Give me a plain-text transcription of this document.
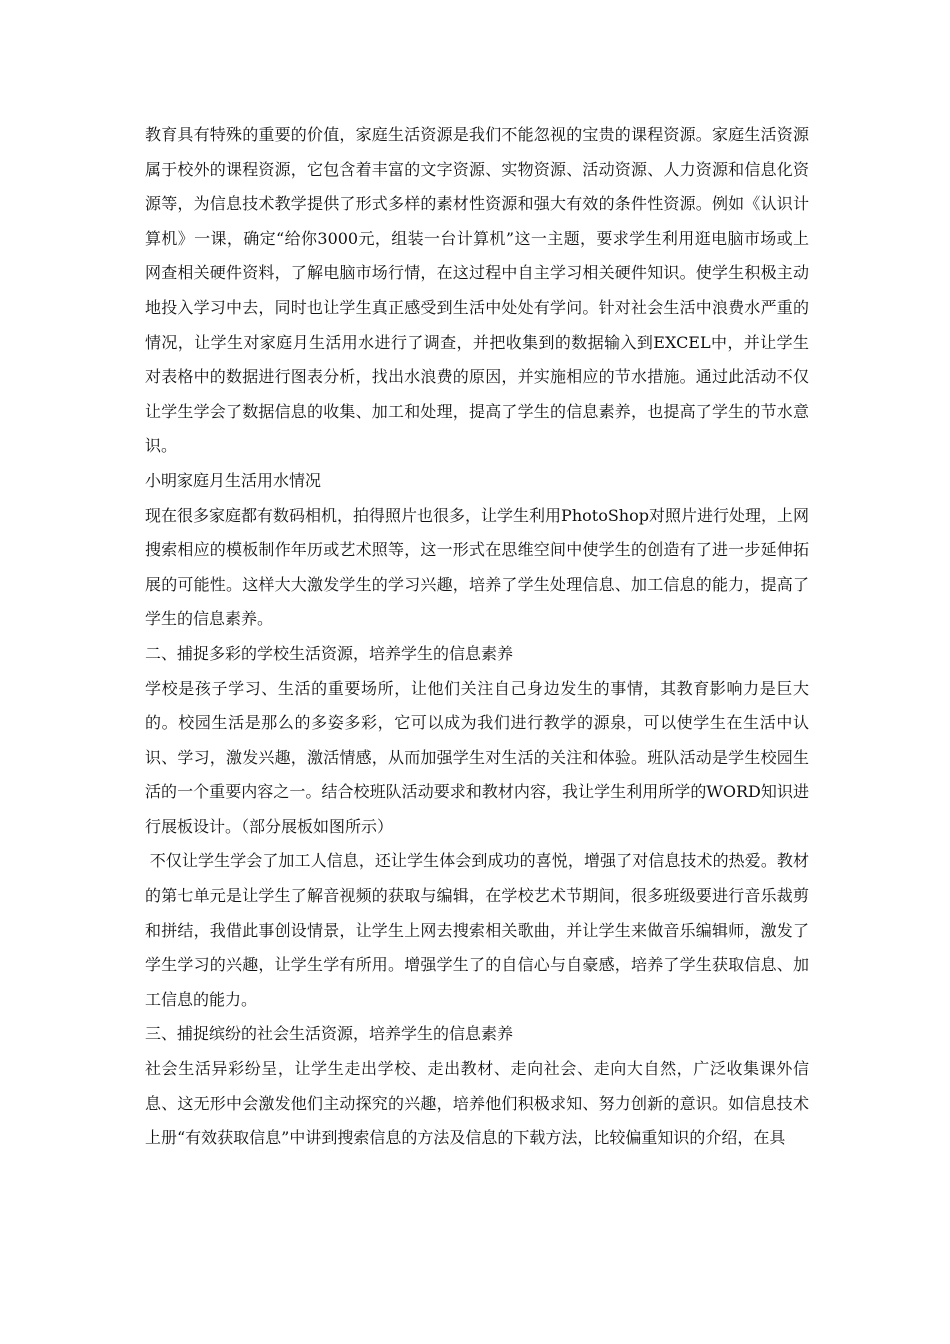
教育具有特殊的重要的价值，家庭生活资源是我们不能忽视的宝贵的课程资源。家庭生活资源属于校外的课程资源，它包含着丰富的文字资源、实物资源、活动资源、人力资源和信息化资源等，为信息技术教学提供了形式多样的素材性资源和强大有效的条件性资源。例如《认识计算机》一课，确定“给你3000元，组装一台计算机”这一主题，要求学生利用逛电脑市场或上网查相关硬件资料，了解电脑市场行情，在这过程中自主学习相关硬件知识。使学生积极主动地投入学习中去，同时也让学生真正感受到生活中处处有学问。针对社会生活中浪费水严重的情况，让学生对家庭月生活用水进行了调查，并把收集到的数据输入到EXCEL中，并让学生对表格中的数据进行图表分析，找出水浪费的原因，并实施相应的节水措施。通过此活动不仅让学生学会了数据信息的收集、加工和处理，提高了学生的信息素养，也提高了学生的节水意识。

小明家庭月生活用水情况

现在很多家庭都有数码相机，拍得照片也很多，让学生利用PhotoShop对照片进行处理，上网搜索相应的模板制作年历或艺术照等，这一形式在思维空间中使学生的创造有了进一步延伸拓展的可能性。这样大大激发学生的学习兴趣，培养了学生处理信息、加工信息的能力，提高了学生的信息素养。

二、捕捉多彩的学校生活资源，培养学生的信息素养

学校是孩子学习、生活的重要场所，让他们关注自己身边发生的事情，其教育影响力是巨大的。校园生活是那么的多姿多彩，它可以成为我们进行教学的源泉，可以使学生在生活中认识、学习，激发兴趣，激活情感，从而加强学生对生活的关注和体验。班队活动是学生校园生活的一个重要内容之一。结合校班队活动要求和教材内容，我让学生利用所学的WORD知识进行展板设计。（部分展板如图所示）

不仅让学生学会了加工人信息，还让学生体会到成功的喜悦，增强了对信息技术的热爱。教材的第七单元是让学生了解音视频的获取与编辑，在学校艺术节期间，很多班级要进行音乐裁剪和拼结，我借此事创设情景，让学生上网去搜索相关歌曲，并让学生来做音乐编辑师，激发了学生学习的兴趣，让学生学有所用。增强学生了的自信心与自豪感，培养了学生获取信息、加工信息的能力。

三、捕捉缤纷的社会生活资源，培养学生的信息素养

社会生活异彩纷呈，让学生走出学校、走出教材、走向社会、走向大自然，广泛收集课外信息、这无形中会激发他们主动探究的兴趣，培养他们积极求知、努力创新的意识。如信息技术上册“有效获取信息”中讲到搜索信息的方法及信息的下载方法，比较偏重知识的介绍，在具
